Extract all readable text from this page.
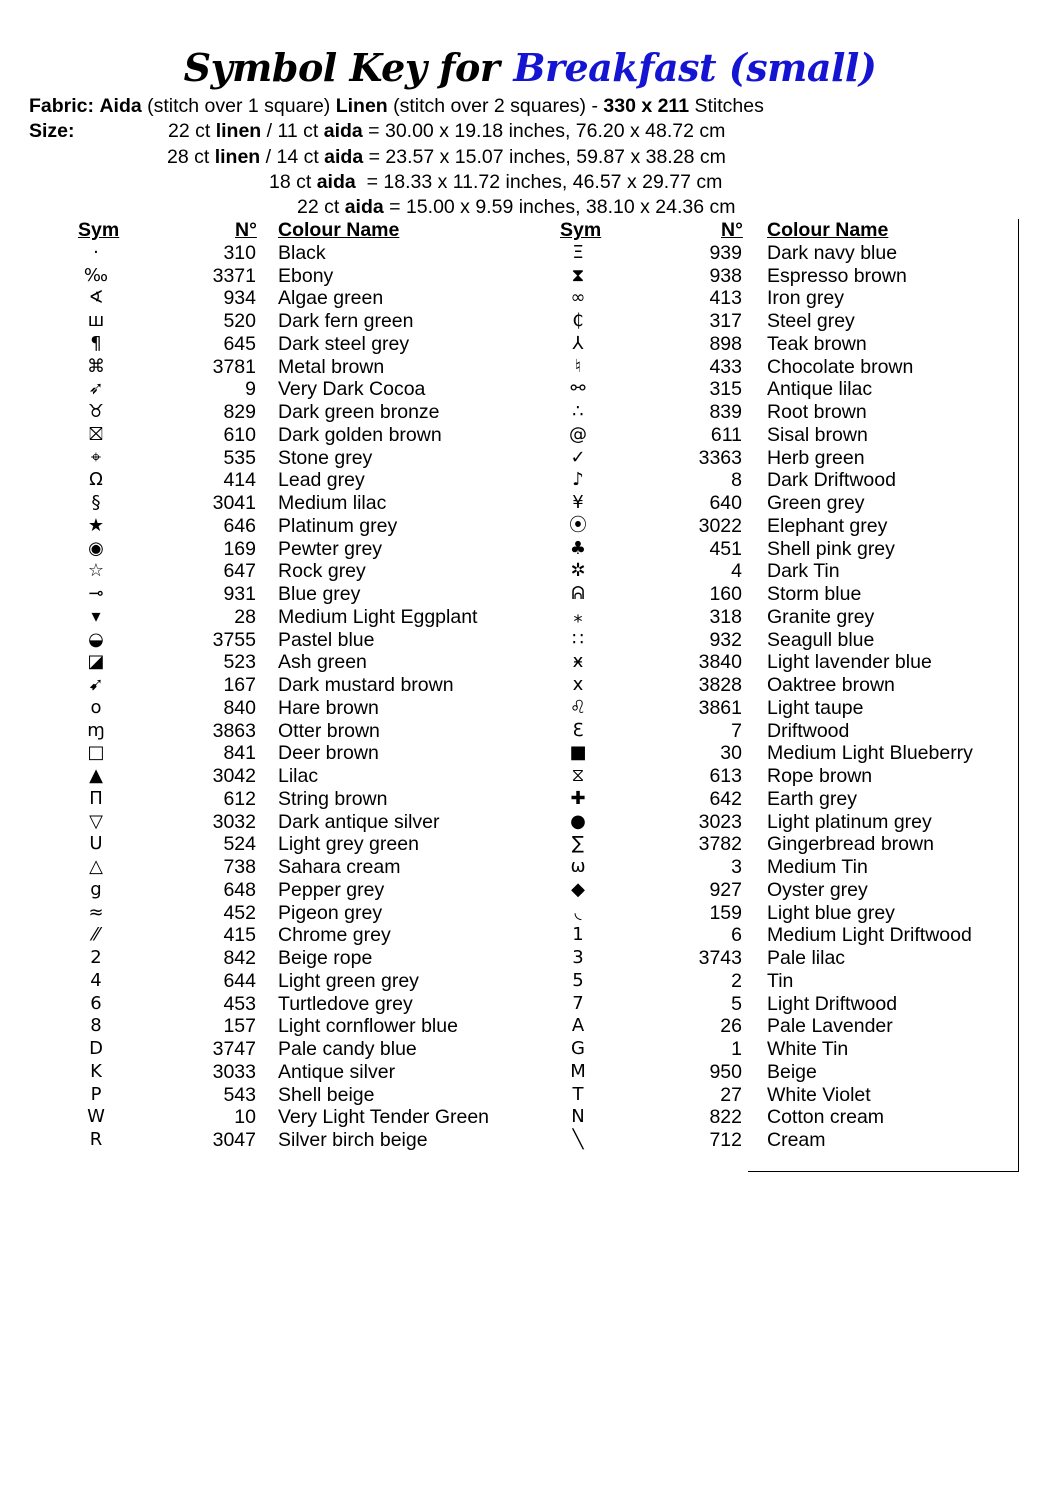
Symbol Key for Breakfast (small)
Fabric: Aida (stitch over 1 square) Linen (stitch over 2 squares) - 330 x 211 Stitches
Size:	22 ct linen / 11 ct aida = 30.00 x 19.18 inches, 76.20 x 48.72 cm
28 ct linen / 14 ct aida = 23.57 x 15.07 inches, 59.87 x 38.28 cm
18 ct aida  = 18.33 x 11.72 inches, 46.57 x 29.77 cm
22 ct aida = 15.00 x 9.59 inches, 38.10 x 24.36 cm
Sym	N° Colour Name	Sym	N° Colour Name
·	310 Black	Ξ	939 Dark navy blue
‰	3371 Ebony	⧗	938 Espresso brown
∢	934 Algae green	∞	413 Iron grey
ш	520 Dark fern green	₵	317 Steel grey
¶	645 Dark steel grey	⅄	898 Teak brown
⌘	3781 Metal brown	♮	433 Chocolate brown
➶	9 Very Dark Cocoa	⚯	315 Antique lilac
♉	829 Dark green bronze	∴	839 Root brown
⛝	610 Dark golden brown	@	611 Sisal brown
⌖	535 Stone grey	✓	3363 Herb green
Ω	414 Lead grey	♪	8 Dark Driftwood
§	3041 Medium lilac	¥	640 Green grey
★	646 Platinum grey	⦿	3022 Elephant grey
◉	169 Pewter grey	♣	451 Shell pink grey
☆	647 Rock grey	✲	4 Dark Tin
⊸	931 Blue grey	ᕱ	160 Storm blue
▾	28 Medium Light Eggplant	⁎	318 Granite grey
◒	3755 Pastel blue	∷	932 Seagull blue
◪	523 Ash green	ӿ	3840 Light lavender blue
➹	167 Dark mustard brown	x	3828 Oaktree brown
o	840 Hare brown	♌	3861 Light taupe
ɱ	3863 Otter brown	ℇ	7 Driftwood
□	841 Deer brown	■	30 Medium Light Blueberry
▲	3042 Lilac	⧖	613 Rope brown
Π	612 String brown	✚	642 Earth grey
▽	3032 Dark antique silver	●	3023 Light platinum grey
ᑌ	524 Light grey green	∑	3782 Gingerbread brown
△	738 Sahara cream	ω	3 Medium Tin
g	648 Pepper grey	◆	927 Oyster grey
≈	452 Pigeon grey	◟	159 Light blue grey
⁄⁄	415 Chrome grey	1	6 Medium Light Driftwood
2	842 Beige rope	3	3743 Pale lilac
4	644 Light green grey	5	2 Tin
6	453 Turtledove grey	7	5 Light Driftwood
8	157 Light cornflower blue	A	26 Pale Lavender
D	3747 Pale candy blue	G	1 White Tin
K	3033 Antique silver	M	950 Beige
P	543 Shell beige	T	27 White Violet
W	10 Very Light Tender Green	N	822 Cotton cream
R	3047 Silver birch beige	╲	712 Cream
